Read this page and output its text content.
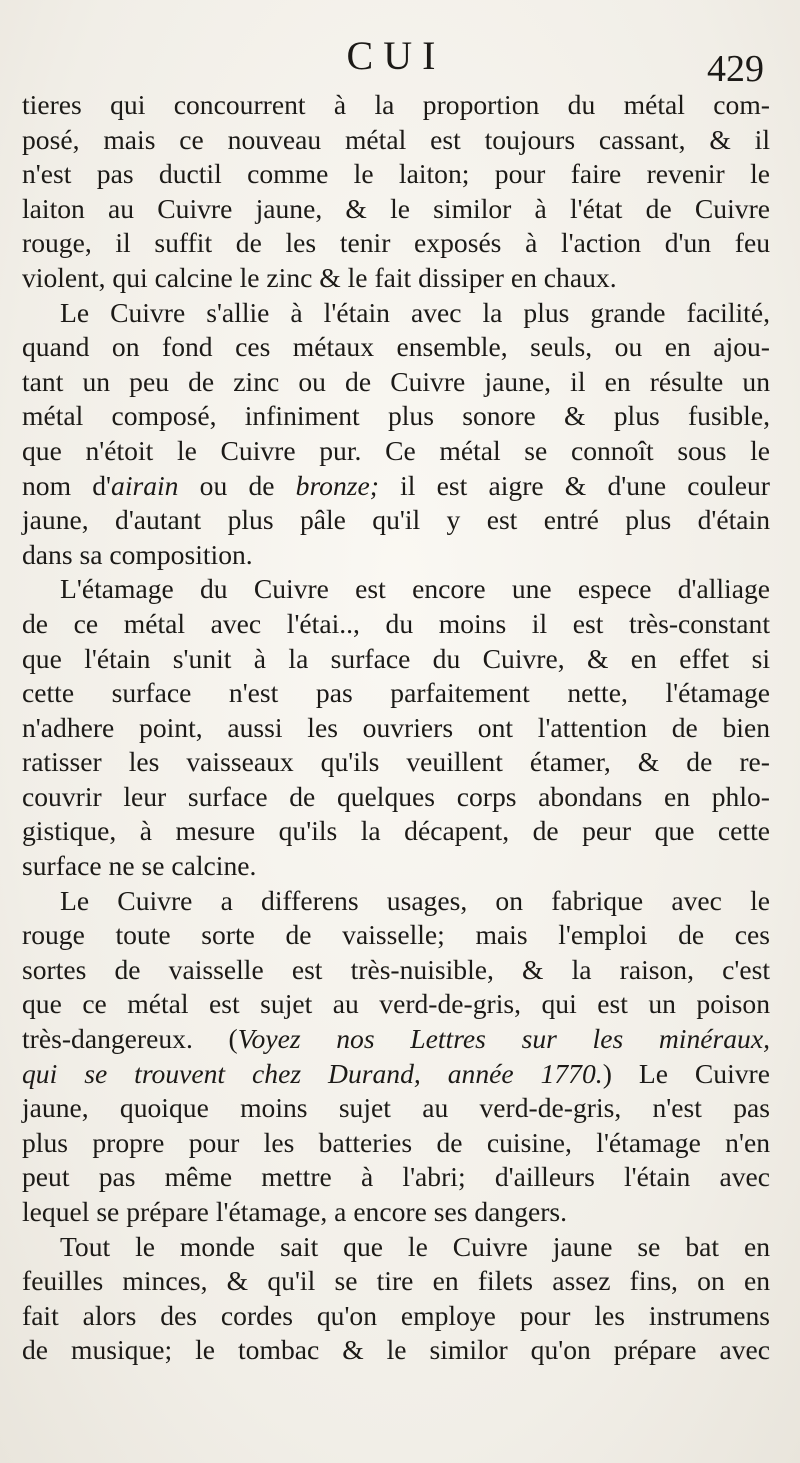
CUI	429

tieres qui concourrent à la proportion du métal com-
posé, mais ce nouveau métal est toujours cassant, & il
n'est pas ductil comme le laiton; pour faire revenir le
laiton au Cuivre jaune, & le similor à l'état de Cuivre
rouge, il suffit de les tenir exposés à l'action d'un feu
violent, qui calcine le zinc & le fait dissiper en chaux.

Le Cuivre s'allie à l'étain avec la plus grande facilité,
quand on fond ces métaux ensemble, seuls, ou en ajou-
tant un peu de zinc ou de Cuivre jaune, il en résulte un
métal composé, infiniment plus sonore & plus fusible,
que n'étoit le Cuivre pur. Ce métal se connoît sous le
nom d'airain ou de bronze; il est aigre & d'une couleur
jaune, d'autant plus pâle qu'il y est entré plus d'étain
dans sa composition.

L'étamage du Cuivre est encore une espece d'alliage
de ce métal avec l'étai.., du moins il est très-constant
que l'étain s'unit à la surface du Cuivre, & en effet si
cette surface n'est pas parfaitement nette, l'étamage
n'adhere point, aussi les ouvriers ont l'attention de bien
ratisser les vaisseaux qu'ils veuillent étamer, & de re-
couvrir leur surface de quelques corps abondans en phlo-
gistique, à mesure qu'ils la décapent, de peur que cette
surface ne se calcine.

Le Cuivre a differens usages, on fabrique avec le
rouge toute sorte de vaisselle; mais l'emploi de ces
sortes de vaisselle est très-nuisible, & la raison, c'est
que ce métal est sujet au verd-de-gris, qui est un poison
très-dangereux. (Voyez nos Lettres sur les minéraux,
qui se trouvent chez Durand, année 1770.) Le Cuivre
jaune, quoique moins sujet au verd-de-gris, n'est pas
plus propre pour les batteries de cuisine, l'étamage n'en
peut pas même mettre à l'abri; d'ailleurs l'étain avec
lequel se prépare l'étamage, a encore ses dangers.

Tout le monde sait que le Cuivre jaune se bat en
feuilles minces, & qu'il se tire en filets assez fins, on en
fait alors des cordes qu'on employe pour les instrumens
de musique; le tombac & le similor qu'on prépare avec
